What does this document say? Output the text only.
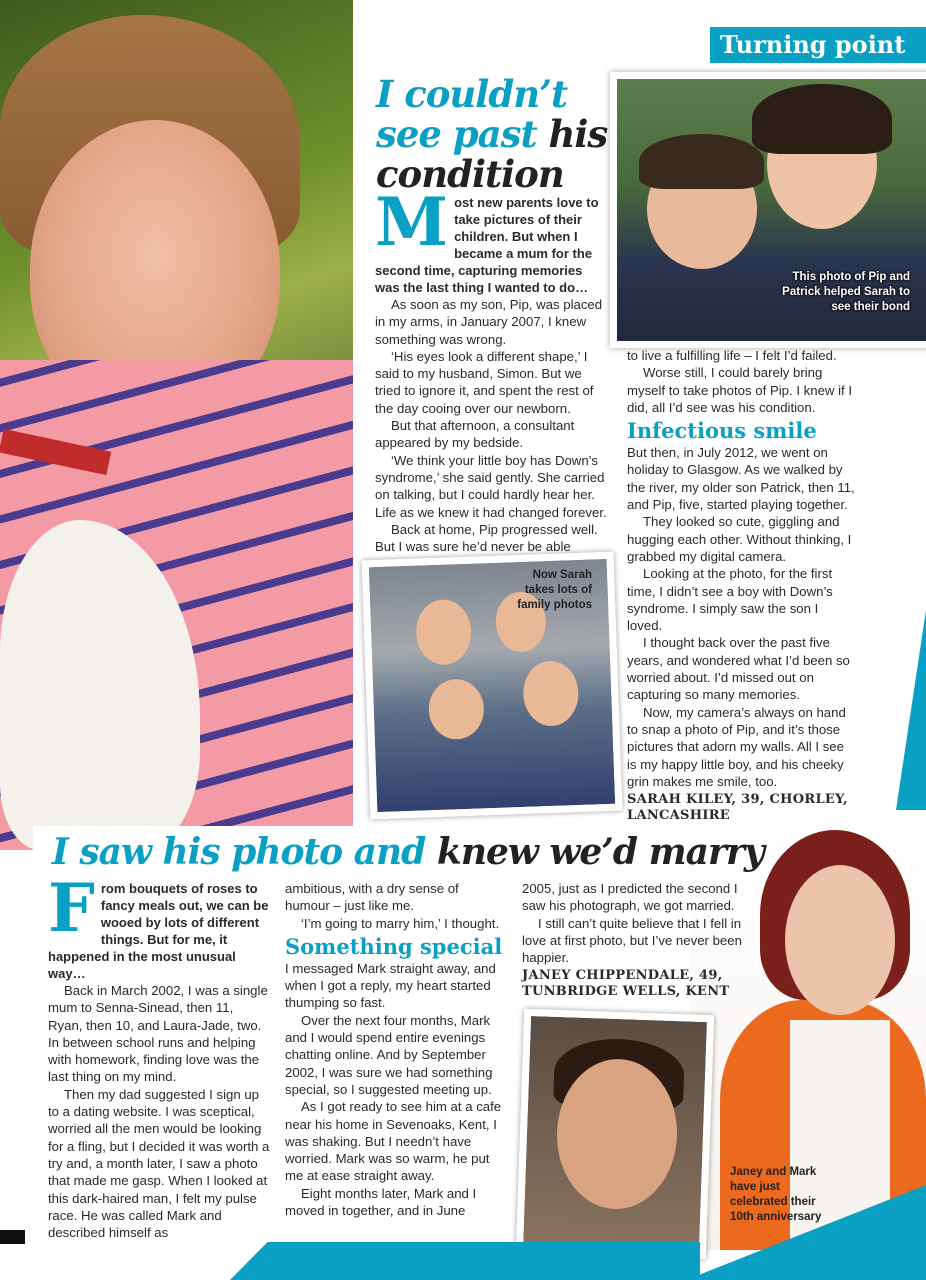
Turning point
I couldn’t see past his condition
This photo of Pip and Patrick helped Sarah to see their bond
Most new parents love to take pictures of their children. But when I became a mum for the second time, capturing memories was the last thing I wanted to do…

As soon as my son, Pip, was placed in my arms, in January 2007, I knew something was wrong.

‘His eyes look a different shape,’ I said to my husband, Simon. But we tried to ignore it, and spent the rest of the day cooing over our newborn.

But that afternoon, a consultant appeared by my bedside.

‘We think your little boy has Down’s syndrome,’ she said gently. She carried on talking, but I could hardly hear her. Life as we knew it had changed forever.

Back at home, Pip progressed well. But I was sure he’d never be able

Now Sarah takes lots of family photos

to live a fulfilling life – I felt I’d failed.

Worse still, I could barely bring myself to take photos of Pip. I knew if I did, all I’d see was his condition.

Infectious smile

But then, in July 2012, we went on holiday to Glasgow. As we walked by the river, my older son Patrick, then 11, and Pip, five, started playing together.

They looked so cute, giggling and hugging each other. Without thinking, I grabbed my digital camera.

Looking at the photo, for the first time, I didn’t see a boy with Down’s syndrome. I simply saw the son I loved.

I thought back over the past five years, and wondered what I’d been so worried about. I’d missed out on capturing so many memories.

Now, my camera’s always on hand to snap a photo of Pip, and it’s those pictures that adorn my walls. All I see is my happy little boy, and his cheeky grin makes me smile, too.

SARAH KILEY, 39, CHORLEY,
LANCASHIRE
Janey and Mark have just celebrated their 10th anniversary
I saw his photo and knew we’d marry
From bouquets of roses to fancy meals out, we can be wooed by lots of different things. But for me, it happened in the most unusual way…

Back in March 2002, I was a single mum to Senna-Sinead, then 11, Ryan, then 10, and Laura-Jade, two. In between school runs and helping with homework, finding love was the last thing on my mind.

Then my dad suggested I sign up to a dating website. I was sceptical, worried all the men would be looking for a fling, but I decided it was worth a try and, a month later, I saw a photo that made me gasp. When I looked at this dark-haired man, I felt my pulse race. He was called Mark and described himself as

ambitious, with a dry sense of humour – just like me.

‘I’m going to marry him,’ I thought.

Something special

I messaged Mark straight away, and when I got a reply, my heart started thumping so fast.

Over the next four months, Mark and I would spend entire evenings chatting online. And by September 2002, I was sure we had something special, so I suggested meeting up.

As I got ready to see him at a cafe near his home in Sevenoaks, Kent, I was shaking. But I needn’t have worried. Mark was so warm, he put me at ease straight away.

Eight months later, Mark and I moved in together, and in June

2005, just as I predicted the second I saw his photograph, we got married.

I still can’t quite believe that I fell in love at first photo, but I’ve never been happier.

JANEY CHIPPENDALE, 49,
TUNBRIDGE WELLS, KENT
